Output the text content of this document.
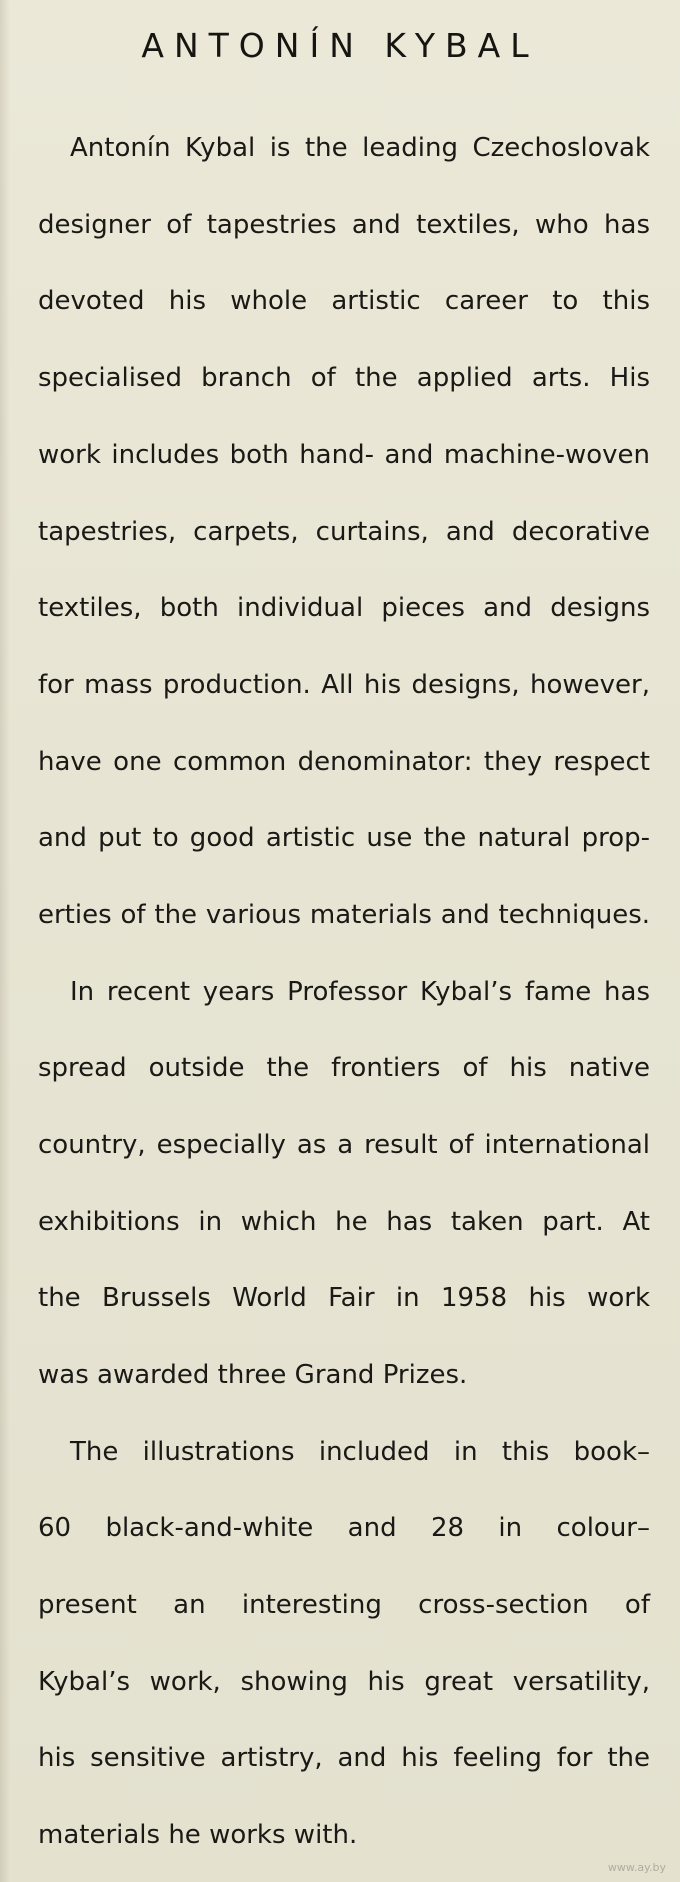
ANTONÍN KYBAL
Antonín Kybal is the leading Czechoslovak
designer of tapestries and textiles, who has
devoted his whole artistic career to this
specialised branch of the applied arts. His
work includes both hand- and machine-woven
tapestries, carpets, curtains, and decorative
textiles, both individual pieces and designs
for mass production. All his designs, however,
have one common denominator: they respect
and put to good artistic use the natural prop-
erties of the various materials and techniques.
In recent years Professor Kybal’s fame has
spread outside the frontiers of his native
country, especially as a result of international
exhibitions in which he has taken part. At
the Brussels World Fair in 1958 his work
was awarded three Grand Prizes.
The illustrations included in this book–
60 black-and-white and 28 in colour–
present an interesting cross-section of
Kybal’s work, showing his great versatility,
his sensitive artistry, and his feeling for the
materials he works with.
www.ay.by
